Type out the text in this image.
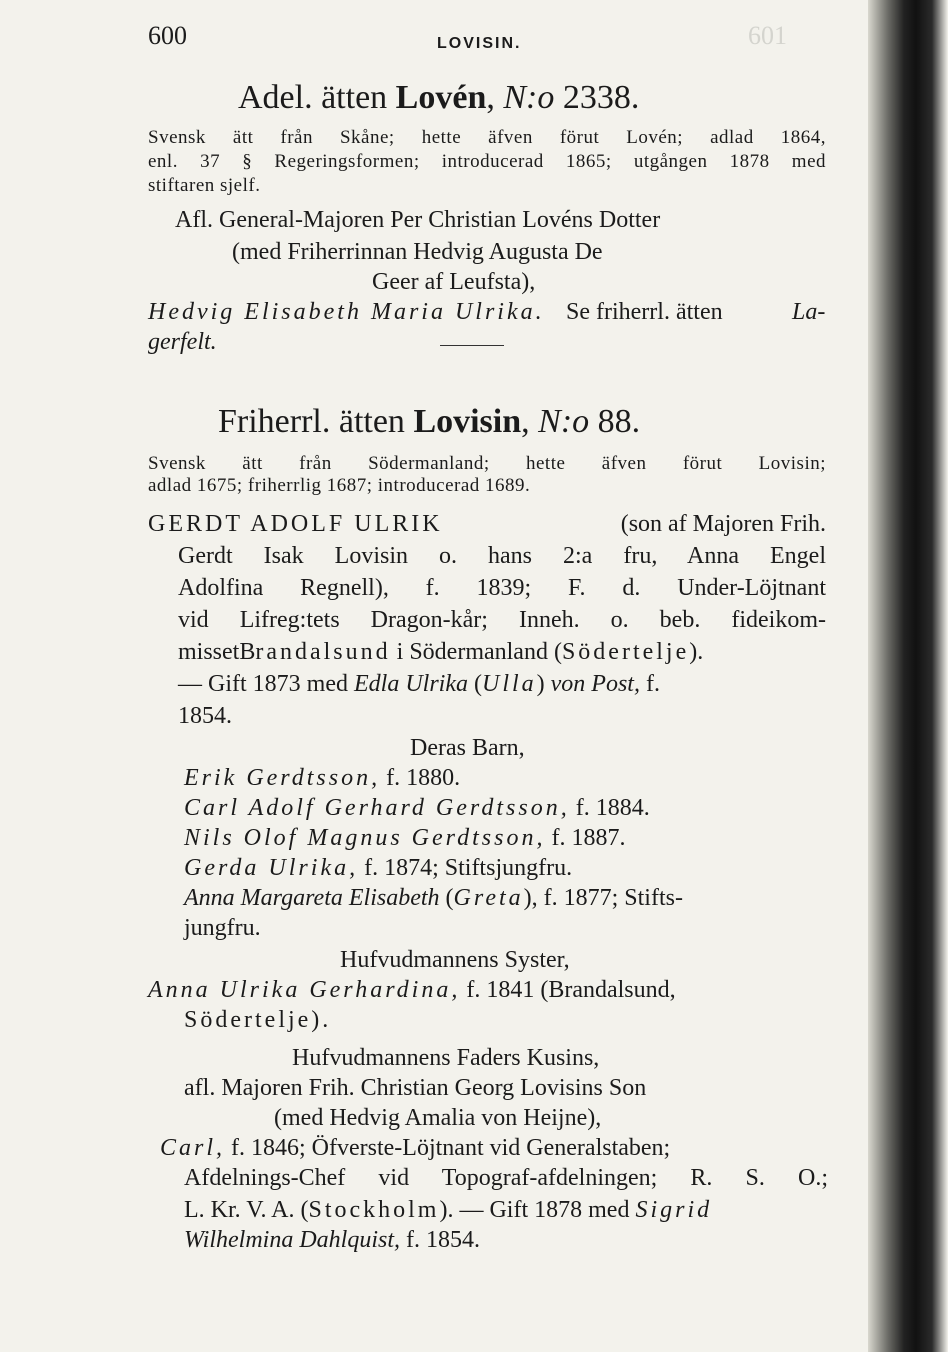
600	LOVISIN.	601
Adel. ätten Lovén, N:o 2338.
Svensk ätt från Skåne; hette äfven förut Lovén; adlad 1864,
enl. 37 § Regeringsformen; introducerad 1865; utgången 1878 med
stiftaren sjelf.
Afl. General-Majoren Per Christian Lovéns Dotter
(med Friherrinnan Hedvig Augusta De
Geer af Leufsta),
Hedvig Elisabeth Maria Ulrika. Se friherrl. ätten	La-
gerfelt.
Friherrl. ätten Lovisin, N:o 88.
Svensk ätt från Södermanland; hette äfven förut Lovisin;
adlad 1675; friherrlig 1687; introducerad 1689.
GERDT ADOLF ULRIK	(son af Majoren Frih.
Gerdt Isak Lovisin o. hans 2:a fru, Anna Engel
Adolfina Regnell), f. 1839; F. d. Under-Löjtnant
vid Lifreg:tets Dragon-kår; Inneh. o. beb. fideikom-
missetBrandalsund i Södermanland (Södertelje).
— Gift 1873 med Edla Ulrika (Ulla) von Post, f.
1854.
Deras Barn,
Erik Gerdtsson, f. 1880.
Carl Adolf Gerhard Gerdtsson, f. 1884.
Nils Olof Magnus Gerdtsson, f. 1887.
Gerda Ulrika, f. 1874; Stiftsjungfru.
Anna Margareta Elisabeth (Greta), f. 1877; Stifts-
jungfru.
Hufvudmannens Syster,
Anna Ulrika Gerhardina, f. 1841 (Brandalsund,
Södertelje).
Hufvudmannens Faders Kusins,
afl. Majoren Frih. Christian Georg Lovisins Son
(med Hedvig Amalia von Heijne),
Carl, f. 1846; Öfverste-Löjtnant vid Generalstaben;
Afdelnings-Chef vid Topograf-afdelningen; R. S. O.;
L. Kr. V. A. (Stockholm). — Gift 1878 med Sigrid
Wilhelmina Dahlquist, f. 1854.
